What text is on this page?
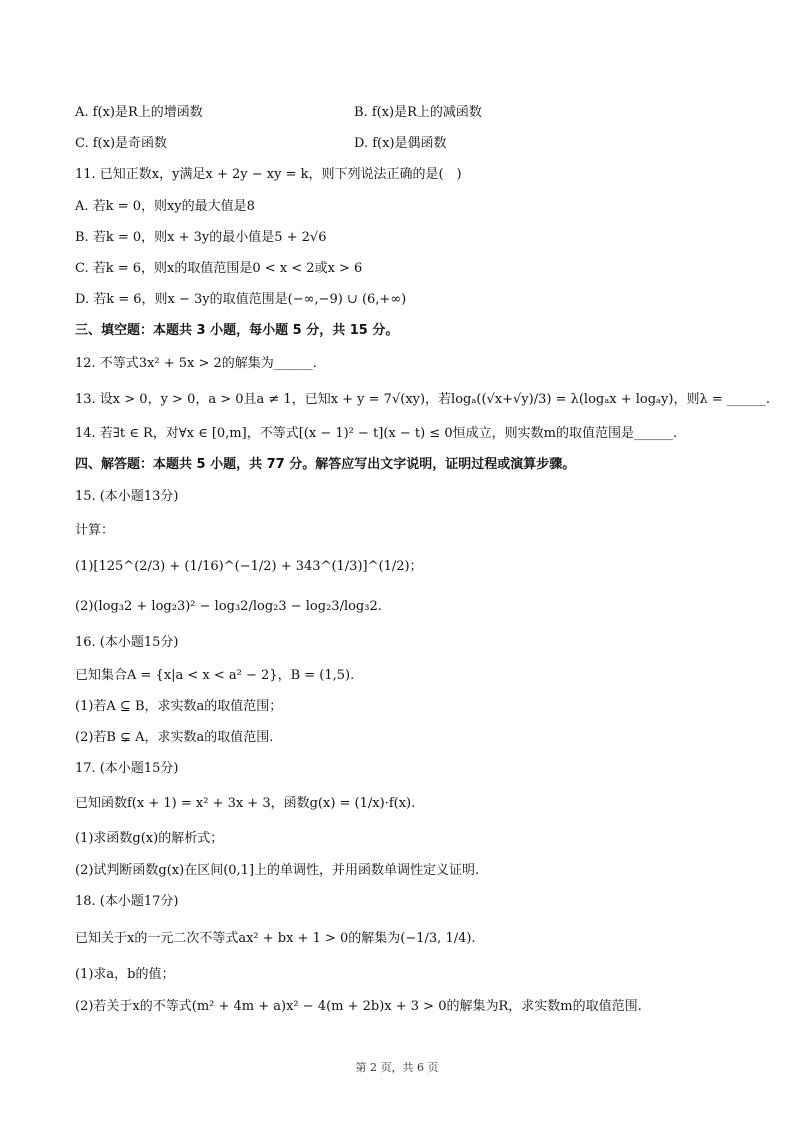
A. f(x)是R上的增函数	B. f(x)是R上的减函数
C. f(x)是奇函数	D. f(x)是偶函数
11. 已知正数x，y满足x + 2y − xy = k，则下列说法正确的是(　)
A. 若k = 0，则xy的最大值是8
B. 若k = 0，则x + 3y的最小值是5 + 2√6
C. 若k = 6，则x的取值范围是0 < x < 2或x > 6
D. 若k = 6，则x − 3y的取值范围是(−∞,−9) ∪ (6,+∞)
三、填空题：本题共 3 小题，每小题 5 分，共 15 分。
12. 不等式3x² + 5x > 2的解集为______.
13. 设x > 0，y > 0，a > 0且a ≠ 1，已知x + y = 7√(xy)，若logₐ((√x+√y)/3) = λ(logₐx + logₐy)，则λ = ______.
14. 若∃t ∈ R，对∀x ∈ [0,m]，不等式[(x − 1)² − t](x − t) ≤ 0恒成立，则实数m的取值范围是______.
四、解答题：本题共 5 小题，共 77 分。解答应写出文字说明，证明过程或演算步骤。
15. (本小题13分)
计算：
(1)[125^(2/3) + (1/16)^(−1/2) + 343^(1/3)]^(1/2)；
(2)(log₃2 + log₂3)² − log₃2/log₂3 − log₂3/log₃2.
16. (本小题15分)
已知集合A = {x|a < x < a² − 2}，B = (1,5).
(1)若A ⊆ B，求实数a的取值范围；
(2)若B ⊊ A，求实数a的取值范围.
17. (本小题15分)
已知函数f(x + 1) = x² + 3x + 3，函数g(x) = (1/x)·f(x).
(1)求函数g(x)的解析式；
(2)试判断函数g(x)在区间(0,1]上的单调性，并用函数单调性定义证明.
18. (本小题17分)
已知关于x的一元二次不等式ax² + bx + 1 > 0的解集为(−1/3, 1/4).
(1)求a，b的值；
(2)若关于x的不等式(m² + 4m + a)x² − 4(m + 2b)x + 3 > 0的解集为R，求实数m的取值范围.
第 2 页，共 6 页
